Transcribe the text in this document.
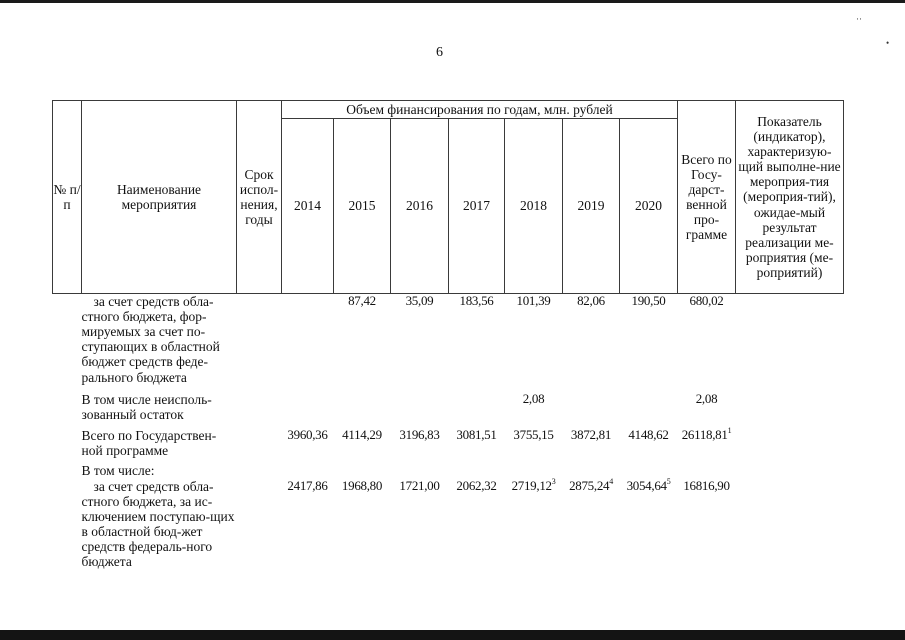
··
•
6
№ п/п	Наименование мероприятия	Срок испол-нения, годы	Объем финансирования по годам, млн. рублей							Всего по Госу-дарст-венной про-грамме	Показатель (индикатор), характеризую-щий выполне-ние мероприя-тия (мероприя-тий), ожидае-мый результат реализации ме-роприятия (ме-роприятий)
			2014	2015	2016	2017	2018	2019	2020		
	за счет средств обла-стного бюджета, фор-мируемых за счет по-ступающих в областной бюджет средств феде-рального бюджета			87,42	35,09	183,56	101,39	82,06	190,50	680,02	
	В том числе неисполь-зованный остаток						2,08			2,08	
	Всего по Государствен-ной программе		3960,36	4114,29	3196,83	3081,51	3755,15	3872,81	4148,62	26118,81$^1$	
	В том числе:										
	за счет средств обла-стного бюджета, за ис-ключением поступаю-щих в областной бюд-жет средств федераль-ного бюджета		2417,86	1968,80	1721,00	2062,32	2719,12$^3$	2875,24$^4$	3054,64$^5$	16816,90	
